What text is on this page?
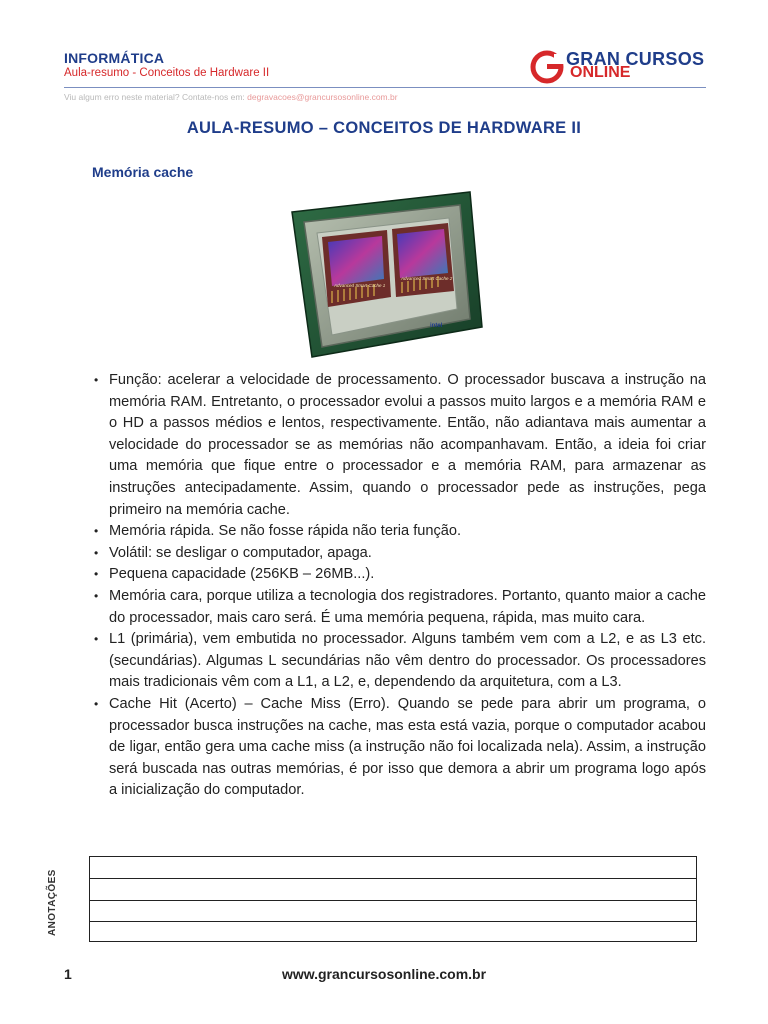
INFORMÁTICA
Aula-resumo - Conceitos de Hardware II
GRAN CURSOS
ONLINE
Viu algum erro neste material? Contate-nos em: degravacoes@grancursosonline.com.br
AULA-RESUMO – CONCEITOS DE HARDWARE II
Memória cache
Advanced Smart Cache 1
Advanced Smart Cache 2
intel
• Função: acelerar a velocidade de processamento. O processador buscava a instrução na memória RAM. Entretanto, o processador evolui a passos muito largos e a memória RAM e o HD a passos médios e lentos, respectivamente. Então, não adiantava mais aumentar a velocidade do processador se as memórias não acompanhavam. Então, a ideia foi criar uma memória que fique entre o processador e a memória RAM, para armazenar as instruções antecipadamente. Assim, quando o processador pede as instruções, pega primeiro na memória cache.
• Memória rápida. Se não fosse rápida não teria função.
• Volátil: se desligar o computador, apaga.
• Pequena capacidade (256KB – 26MB...).
• Memória cara, porque utiliza a tecnologia dos registradores. Portanto, quanto maior a cache do processador, mais caro será. É uma memória pequena, rápida, mas muito cara.
• L1 (primária), vem embutida no processador. Alguns também vem com a L2, e as L3 etc. (secundárias). Algumas L secundárias não vêm dentro do processador. Os processadores mais tradicionais vêm com a L1, a L2, e, dependendo da arquitetura, com a L3.
• Cache Hit (Acerto) – Cache Miss (Erro). Quando se pede para abrir um programa, o processador busca instruções na cache, mas esta está vazia, porque o computador acabou de ligar, então gera uma cache miss (a instrução não foi localizada nela). Assim, a instrução será buscada nas outras memórias, é por isso que demora a abrir um programa logo após a inicialização do computador.
ANOTAÇÕES
1	www.grancursosonline.com.br
